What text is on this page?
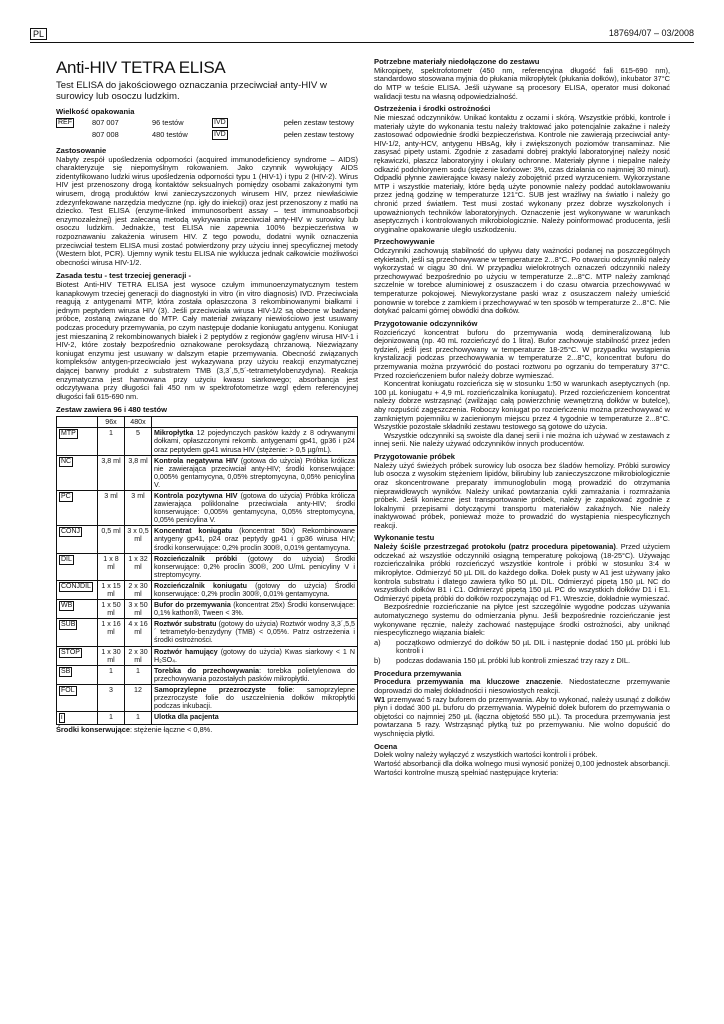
PL	187694/07 – 03/2008
Anti-HIV TETRA ELISA
Test ELISA do jakościowego oznaczania przeciwciał anty-HIV w surowicy lub osoczu ludzkim.
Wielkość opakowania
REF	807 007	96 testów	IVD	pełen zestaw testowy
807 008	480 testów	IVD	pełen zestaw testowy
Zastosowanie

Nabyty zespół upośledzenia odporności (acquired immunodeficiency syndrome – AIDS) charakteryzuje się niepomyślnym rokowaniem. Jako czynnik wywołujący AIDS zidentyfikowano ludzki wirus upośledzenia odporności typu 1 (HIV-1) i typu 2 (HIV-2). Wirus HIV jest przenoszony drogą kontaktów seksualnych pomiędzy osobami zakażonymi tym wirusem, drogą produktów krwi zanieczyszczonych wirusem HIV, przez niewłaściwie zdezynfekowane narzędzia medyczne (np. igły do iniekcji) oraz jest przenoszony z matki na dziecko. Test ELISA (enzyme-linked immunosorbent assay – test immunoabsorbcji enzymozależnej) jest zalecaną metodą wykrywania przeciwciał anty-HIV w surowicy lub osoczu ludzkim. Jednakże, test ELISA nie zapewnia 100% bezpieczeństwa w rozpoznawaniu zakażenia wirusem HIV. Z tego powodu, dodatni wynik oznaczenia przeciwciał testem ELISA musi zostać potwierdzony przy użyciu innej specyficznej metody (Western blot, PCR). Ujemny wynik testu ELISA nie wyklucza jednak całkowicie możliwości obecności wirusa HIV-1/2.

Zasada testu - test trzeciej generacji -

Biotest Anti-HIV TETRA ELISA jest wysoce czułym immunoenzymatycznym testem kanapkowym trzeciej generacji do diagnostyki in vitro (in vitro diagnosis) IVD. Przeciwciała reagują z antygenami MTP, która została opłaszczona 3 rekombinowanymi białkami i jednym peptydem wirusa HIV (3). Jeśli przeciwciała wirusa HIV-1/2 są obecne w badanej próbce, zostaną związane do MTP. Cały materiał związany niewiościowo jest usuwany podczas procedury przemywania, po czym następuje dodanie koniugatu antygenu. Koniugat jest mieszaniną 2 rekombinowanych białek i 2 peptydów z regionów gag/env wirusa HIV-1 i HIV-2, które zostały bezpośrednio oznakowane peroksydazą chrzanową. Niezwiązany koniugat enzymu jest usuwany w dalszym etapie przemywania. Obecność związanych kompleksów antygen-przeciwciało jest wykazywana przy użyciu reakcji enzymatycznej dającej barwny produkt z substratem TMB (3,3´,5,5´-tetrametylobenzydyna). Reakcja enzymatyczna jest hamowana przy użyciu kwasu siarkowego; absorbancja jest odczytywana przy długości fali 450 nm w spektrofotometrze wzgl ędem referencyjnej długości fali 615-690 nm.

Zestaw zawiera 96 i 480 testów
	96x	480x	
MTP	1	5	Mikropłytka 12 pojedynczych pasków każdy z 8 odrywanymi dołkami, opłaszczonymi rekomb. antygenami gp41, gp36 i p24 oraz peptydem gp41 wirusa HIV (stężenie: > 0,5 µg/mL).
NC	3,8 ml	3,8 ml	Kontrola negatywna HIV (gotowa do użycia) Próbka królicza nie zawierająca przeciwciał anty-HIV; środki konserwujące: 0,005% gentamycyna, 0,05% streptomycyna, 0,05% penicylina V.
PC	3 ml	3 ml	Kontrola pozytywna HIV (gotowa do użycia) Próbka królicza zawierająca poliklonalne przeciwciała anty-HIV; środki konserwujące: 0,005% gentamycyna, 0,05% streptomycyna, 0,05% penicylina V.
CONJ	0,5 ml	3 x 0,5 ml	Koncentrat koniugatu (koncentrat 50x) Rekombinowane antygeny gp41, p24 oraz peptydy gp41 i gp36 wirusa HIV; środki konserwujące: 0,2% proclin 300®, 0,01% gentamycyna.
DIL	1 x 8 ml	1 x 32 ml	Rozcieńczalnik próbki (gotowy do użycia) Środki konserwujące: 0,2% proclin 300®, 200 U/mL penicyliny V i streptomycyny.
CONJDIL	1 x 15 ml	2 x 30 ml	Rozcieńczalnik koniugatu (gotowy do użycia) Środki konserwujące: 0,2% proclin 300®, 0,01% gentamycyna.
WB	1 x 50 ml	3 x 50 ml	Bufor do przemywania (koncentrat 25x) Środki konserwujące: 0,1% kathon®, Tween < 3%.
SUB	1 x 16 ml	4 x 16 ml	Roztwór substratu (gotowy do użycia) Roztwór wodny 3,3´,5,5´ tetrametylo-benzydyny (TMB) < 0,05%. Patrz ostrzeżenia i środki ostrożności.
STOP	1 x 30 ml	2 x 30 ml	Roztwór hamujący (gotowy do użycia) Kwas siarkowy < 1 N H₂SO₄.
SB	1	1	Torebka do przechowywania: torebka polietylenowa do przechowywania pozostałych pasków mikropłytki.
FOL	3	12	Samoprzylepne przezroczyste folie: samoprzylepne przezroczyste folie do uszczelnienia dołków mikropłytki podczas inkubacji.
i	1	1	Ulotka dla pacjenta

Środki konserwujące: stężenie łączne < 0,8%.

Potrzebne materiały niedołączone do zestawu

Mikropipety, spektrofotometr (450 nm, referencyjna długość fali 615-690 nm), standardowo stosowana myjnia do płukania mikropłytek (płukania dołków), inkubator 37°C do MTP w teście ELISA. Jeśli używane są procesory ELISA, operator musi dokonać walidacji testu na własną odpowiedzialność.

Ostrzeżenia i środki ostrożności

Nie mieszać odczynników. Unikać kontaktu z oczami i skórą. Wszystkie próbki, kontrole i materiały użyte do wykonania testu należy traktować jako potencjalnie zakaźne i należy zastosować odpowiednie środki bezpieczeństwa. Kontrole nie zawierają przeciwciał anty-HIV-1/2, anty-HCV, antygenu HBsAg, kiły i zwiększonych poziomów transaminaz. Nie zasysać pipety ustami. Zgodnie z zasadami dobrej praktyki laboratoryjnej należy nosić rękawiczki, płaszcz laboratoryjny i okulary ochronne. Materiały płynne i niepalne należy odkazić podchlorynem sodu (stężenie końcowe: 3%, czas działania co najmniej 30 minut). Odpadki płynne zawierające kwasy należy zobojętnić przed wyrzuceniem. Wykorzystane MTP i wszystkie materiały, które będą użyte ponownie należy poddać autoklawowaniu przez jedną godzinę w temperaturze 121°C. SUB jest wrażliwy na światło i należy go chronić przed światłem. Test musi zostać wykonany przez dobrze wyszkolonych i upoważnionych techników laboratoryjnych. Oznaczenie jest wykonywane w warunkach aseptycznych i kontrolowanych mikrobiologicznie. Należy poinformować producenta, jeśli oryginalne opakowanie uległo uszkodzeniu.

Przechowywanie

Odczynniki zachowują stabilność do upływu daty ważności podanej na poszczególnych etykietach, jeśli są przechowywane w temperaturze 2...8°C. Po otwarciu odczynniki należy wykorzystać w ciągu 30 dni. W przypadku wielokrotnych oznaczeń odczynniki należy przechowywać bezpośrednio po użyciu w temperaturze 2...8°C. MTP należy zamknąć szczelnie w torebce aluminiowej z osuszaczem i do czasu otwarcia przechowywać w temperaturze pokojowej. Niewykorzystane paski wraz z osuszaczem należy umieścić ponownie w torebce z zamkiem i przechowywać w ten sposób w temperaturze 2...8°C. Nie dotykać palcami górnej obwódki dna dołków.

Przygotowanie odczynników

Rozcieńczyć koncentrat buforu do przemywania wodą demineralizowaną lub dejonizowaną (np. 40 mL rozcieńczyć do 1 litra). Bufor zachowuje stabilność przez jeden tydzień, jeśli jest przechowywany w temperaturze 18-25°C. W przypadku wystąpienia krystalizacji podczas przechowywania w temperaturze 2...8°C, koncentrat buforu do przemywania można przywrócić do postaci roztworu po ogrzaniu do temperatury 37°C. Przed rozcieńczeniem bufor należy dobrze wymieszać.

Koncentrat koniugatu rozcieńcza się w stosunku 1:50 w warunkach aseptycznych (np. 100 µL koniugatu + 4,9 mL rozcieńczalnika koniugatu). Przed rozcieńczeniem koncentrat należy dobrze wstrząsnąć (zwilżając całą powierzchnię wewnętrzną dołków w butelce), aby rozpuścić zagęszczenia. Roboczy koniugat po rozcieńczeniu można przechowywać w zamkniętym pojemniku w zacienionym miejscu przez 4 tygodnie w temperaturze 2...8°C. Wszystkie pozostałe składniki zestawu testowego są gotowe do użycia.

Wszystkie odczynniki są swoiste dla danej serii i nie można ich używać w zestawach z innej serii. Nie należy używać odczynników innych producentów.

Przygotowanie próbek

Należy użyć świeżych próbek surowicy lub osocza bez śladów hemolizy. Próbki surowicy lub osocza z wysokim stężeniem lipidów, bilirubiny lub zanieczyszczone mikrobiologicznie oraz skoncentrowane preparaty immunoglobulin mogą prowadzić do otrzymania nieprawidłowych wyników. Należy unikać powtarzania cykli zamrażania i rozmrażania próbek. Jeśli konieczne jest transportowanie próbek, należy je zapakować zgodnie z lokalnymi przepisami dotyczącymi transportu materiałów zakaźnych. Nie należy inaktywować próbek, ponieważ może to prowadzić do wystąpienia niespecyficznych reakcji.

Wykonanie testu

Należy ściśle przestrzegać protokołu (patrz procedura pipetowania). Przed użyciem odczekać aż wszystkie odczynniki osiągną temperaturę pokojową (18-25°C). Używając rozcieńczalnika próbki rozcieńczyć wszystkie kontrole i próbki w stosunku 3:4 w mikropłytce. Odmierzyć 50 µL DIL do każdego dołka. Dołek pusty w A1 jest używany jako kontrola substratu i dlatego zawiera tylko 50 µL DIL. Odmierzyć pipetą 150 µL NC do wszystkich dołków B1 i C1. Odmierzyć pipetą 150 µL PC do wszystkich dołków D1 i E1. Odmierzyć pipetą próbki do dołków rozpoczynając od F1. Wreszcie, dokładnie wymieszać.

Bezpośrednie rozcieńczanie na płytce jest szczególnie wygodne podczas używania automatycznego systemu do odmierzania płynu. Jeśli bezpośrednie rozcieńczanie jest wykonywane ręcznie, należy zachować następujące środki ostrożności, aby uniknąć niespecyficznego wiązania białek:

a)	początkowo odmierzyć do dołków 50 µL DIL i następnie dodać 150 µL próbki lub kontroli i
b)	podczas dodawania 150 µL próbki lub kontroli zmieszać trzy razy z DIL.
Procedura przemywania

Procedura przemywania ma kluczowe znaczenie. Niedostateczne przemywanie doprowadzi do małej dokładności i niesowiostych reakcji.

W1 przemywać 5 razy buforem do przemywania. Aby to wykonać, należy usunąć z dołków płyn i dodać 300 µL buforu do przemywania. Wypełnić dołek buforem do przemywania o objętości co najmniej 250 µL (łączna objętość 550 µL). Ta procedura przemywania jest powtarzana 5 razy. Wstrząsnąć płytką tuż po przemywaniu. Nie wolno dopuścić do wyschnięcia płytki.

Ocena

Dołek wolny należy wyłączyć z wszystkich wartości kontroli i próbek.

Wartość absorbancji dla dołka wolnego musi wynosić poniżej 0,100 jednostek absorbancji. Wartości kontrolne muszą spełniać następujące kryteria:
